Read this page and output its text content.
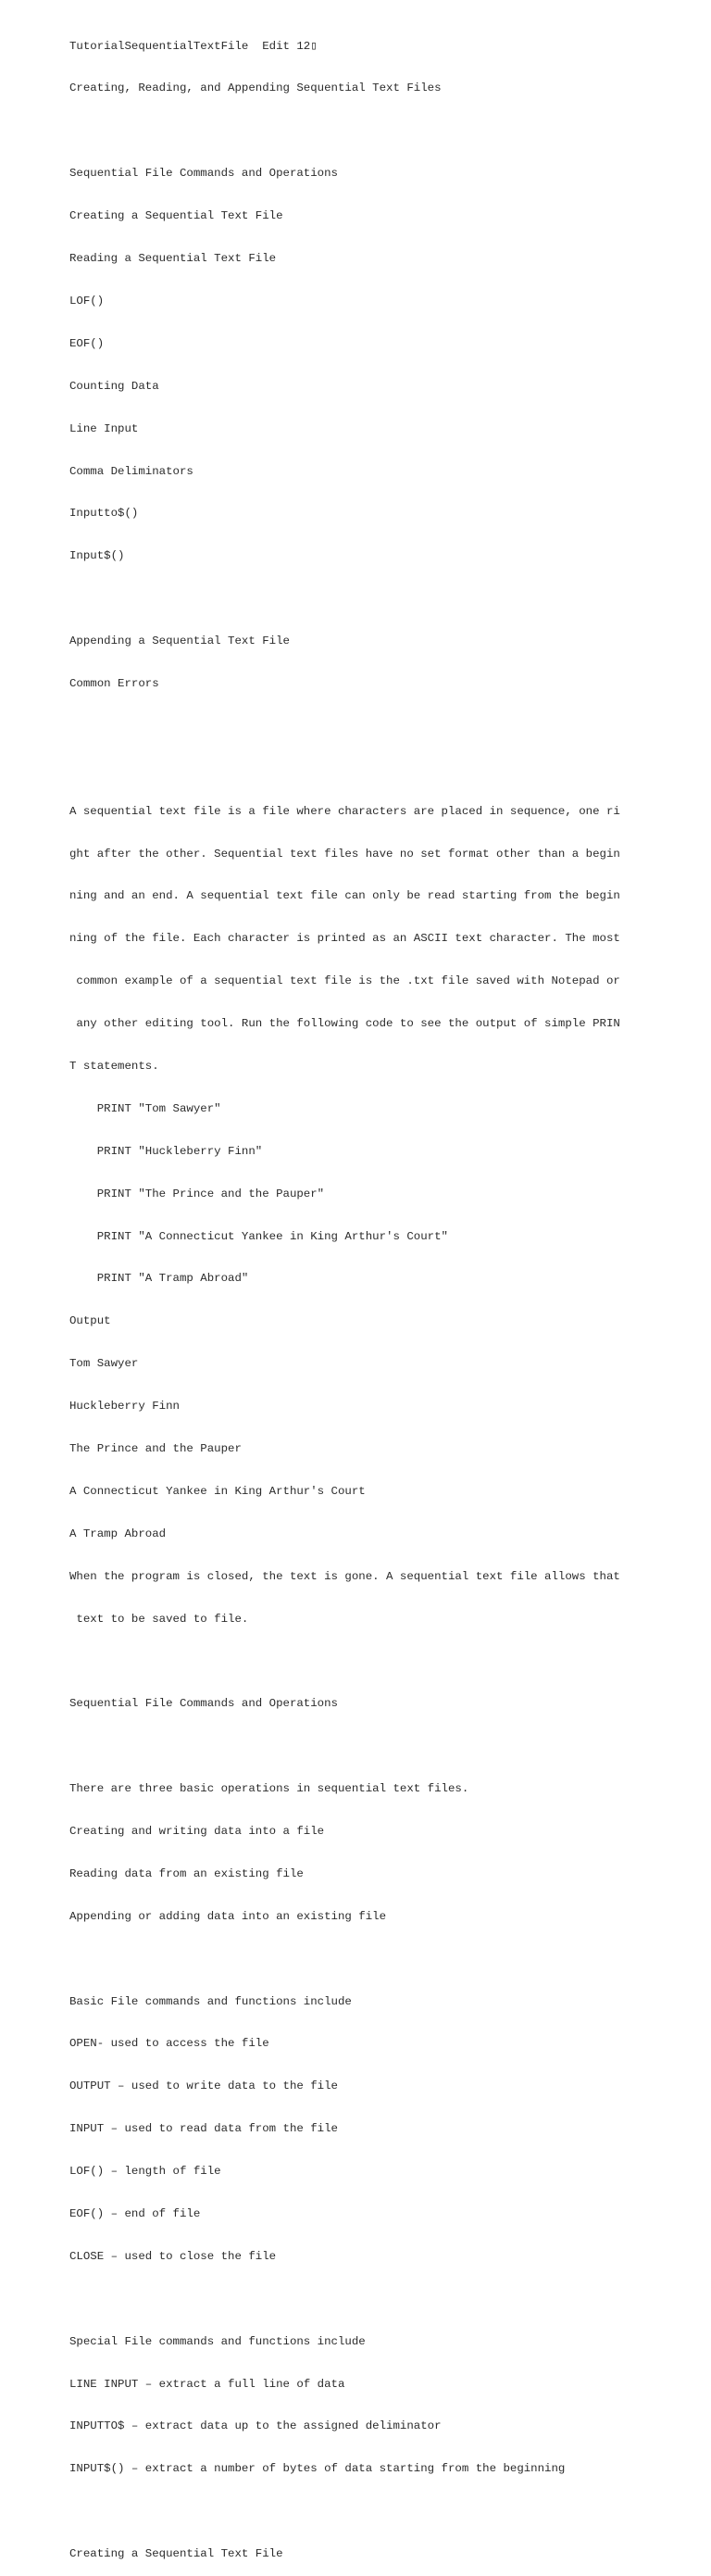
TutorialSequentialTextFile  Edit 12▯

Creating, Reading, and Appending Sequential Text Files

Sequential File Commands and Operations

Creating a Sequential Text File

Reading a Sequential Text File

LOF()

EOF()

Counting Data

Line Input

Comma Deliminators

Inputto$()

Input$()

Appending a Sequential Text File

Common Errors

A sequential text file is a file where characters are placed in sequence, one ri

ght after the other. Sequential text files have no set format other than a begin

ning and an end. A sequential text file can only be read starting from the begin

ning of the file. Each character is printed as an ASCII text character. The most

common example of a sequential text file is the .txt file saved with Notepad or

any other editing tool. Run the following code to see the output of simple PRIN

T statements.

PRINT "Tom Sawyer"

PRINT "Huckleberry Finn"

PRINT "The Prince and the Pauper"

PRINT "A Connecticut Yankee in King Arthur's Court"

PRINT "A Tramp Abroad"

Output

Tom Sawyer

Huckleberry Finn

The Prince and the Pauper

A Connecticut Yankee in King Arthur's Court

A Tramp Abroad

When the program is closed, the text is gone. A sequential text file allows that

text to be saved to file.

Sequential File Commands and Operations

There are three basic operations in sequential text files.

Creating and writing data into a file

Reading data from an existing file

Appending or adding data into an existing file

Basic File commands and functions include

OPEN- used to access the file

OUTPUT – used to write data to the file

INPUT – used to read data from the file

LOF() – length of file

EOF() – end of file

CLOSE – used to close the file

Special File commands and functions include

LINE INPUT – extract a full line of data

INPUTTO$ – extract data up to the assigned deliminator

INPUT$() – extract a number of bytes of data starting from the beginning

Creating a Sequential Text File
